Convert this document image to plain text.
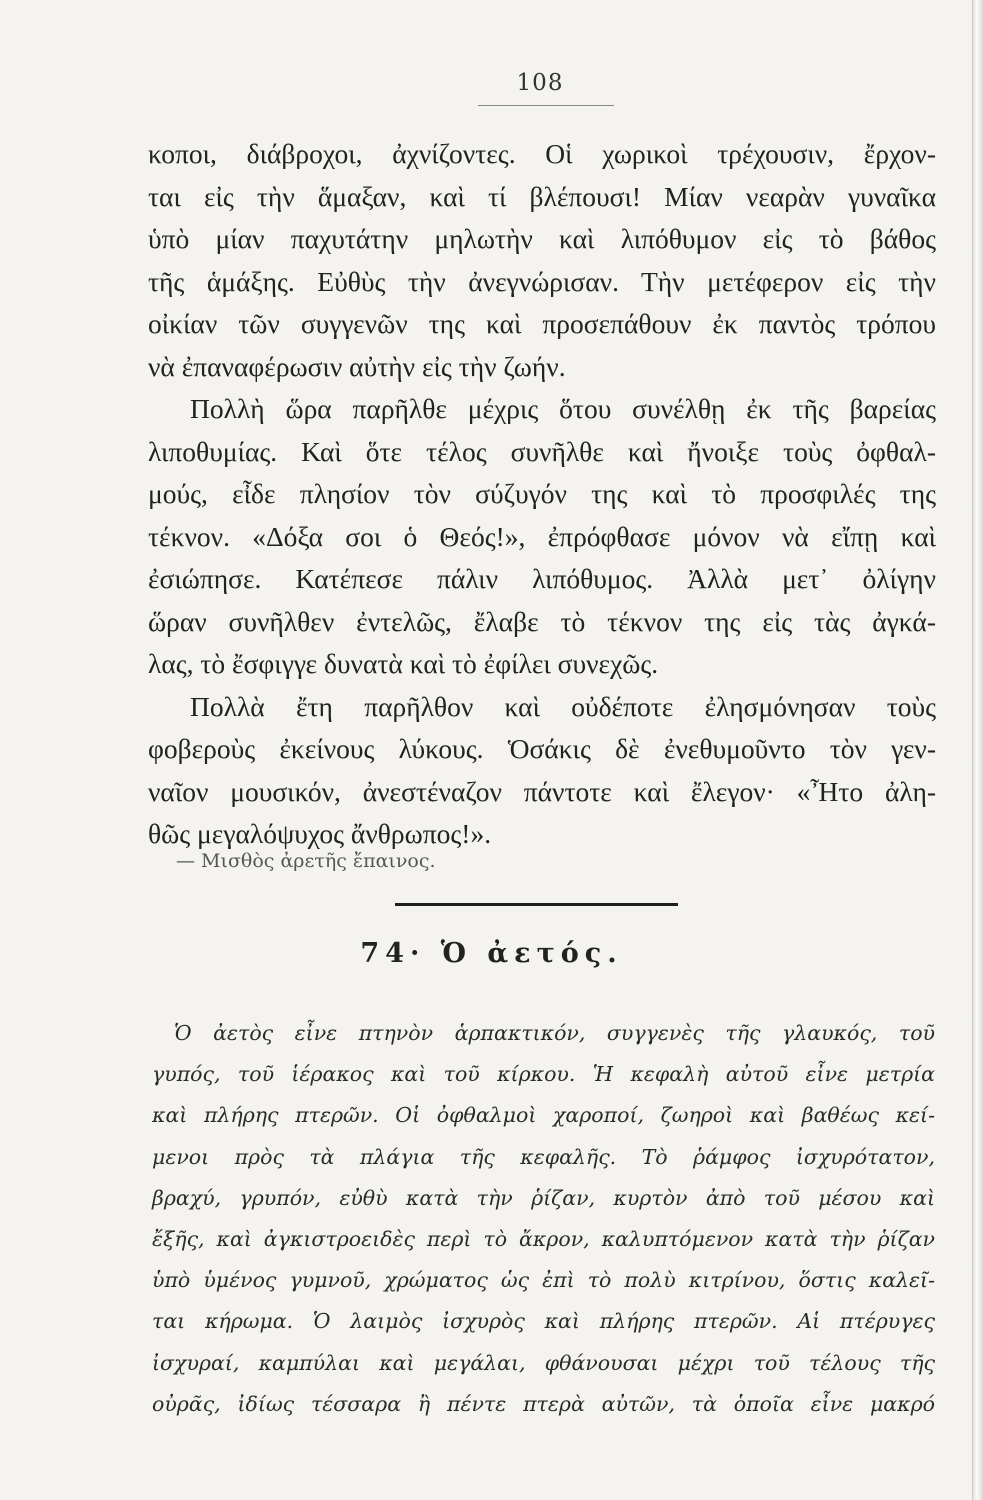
108
κοποι, διάβροχοι, ἀχνίζοντες. Οἱ χωρικοὶ τρέχουσιν, ἔρχον-
ται εἰς τὴν ἅμαξαν, καὶ τί βλέπουσι! Μίαν νεαρὰν γυναῖκα
ὑπὸ μίαν παχυτάτην μηλωτὴν καὶ λιπόθυμον εἰς τὸ βάθος
τῆς ἁμάξης. Εὐθὺς τὴν ἀνεγνώρισαν. Τὴν μετέφερον εἰς τὴν
οἰκίαν τῶν συγγενῶν της καὶ προσεπάθουν ἐκ παντὸς τρόπου
νὰ ἐπαναφέρωσιν αὐτὴν εἰς τὴν ζωήν.
Πολλὴ ὥρα παρῆλθε μέχρις ὅτου συνέλθῃ ἐκ τῆς βαρείας
λιποθυμίας. Καὶ ὅτε τέλος συνῆλθε καὶ ἤνοιξε τοὺς ὀφθαλ-
μούς, εἶδε πλησίον τὸν σύζυγόν της καὶ τὸ προσφιλές της
τέκνον. «Δόξα σοι ὁ Θεός!», ἐπρόφθασε μόνον νὰ εἴπῃ καὶ
ἐσιώπησε. Κατέπεσε πάλιν λιπόθυμος. Ἀλλὰ μετ᾽ ὀλίγην
ὥραν συνῆλθεν ἐντελῶς, ἔλαβε τὸ τέκνον της εἰς τὰς ἀγκά-
λας, τὸ ἔσφιγγε δυνατὰ καὶ τὸ ἐφίλει συνεχῶς.
Πολλὰ ἔτη παρῆλθον καὶ οὐδέποτε ἐλησμόνησαν τοὺς
φοβεροὺς ἐκείνους λύκους. Ὁσάκις δὲ ἐνεθυμοῦντο τὸν γεν-
ναῖον μουσικόν, ἀνεστέναζον πάντοτε καὶ ἔλεγον· «Ἦτο ἀλη-
θῶς μεγαλόψυχος ἄνθρωπος!».
— Μισθὸς ἀρετῆς ἔπαινος.
74· Ὁ ἀετός.
Ὁ ἀετὸς εἶνε πτηνὸν ἁρπακτικόν, συγγενὲς τῆς γλαυκός, τοῦ
γυπός, τοῦ ἱέρακος καὶ τοῦ κίρκου. Ἡ κεφαλὴ αὐτοῦ εἶνε μετρία
καὶ πλήρης πτερῶν. Οἱ ὀφθαλμοὶ χαροποί, ζωηροὶ καὶ βαθέως κεί-
μενοι πρὸς τὰ πλάγια τῆς κεφαλῆς. Τὸ ῥάμφος ἰσχυρότατον,
βραχύ, γρυπόν, εὐθὺ κατὰ τὴν ῥίζαν, κυρτὸν ἀπὸ τοῦ μέσου καὶ
ἔξῆς, καὶ ἀγκιστροειδὲς περὶ τὸ ἄκρον, καλυπτόμενον κατὰ τὴν ῥίζαν
ὑπὸ ὑμένος γυμνοῦ, χρώματος ὡς ἐπὶ τὸ πολὺ κιτρίνου, ὅστις καλεῖ-
ται κήρωμα. Ὁ λαιμὸς ἰσχυρὸς καὶ πλήρης πτερῶν. Αἱ πτέρυγες
ἰσχυραί, καμπύλαι καὶ μεγάλαι, φθάνουσαι μέχρι τοῦ τέλους τῆς
οὐρᾶς, ἰδίως τέσσαρα ἢ πέντε πτερὰ αὐτῶν, τὰ ὁποῖα εἶνε μακρό
